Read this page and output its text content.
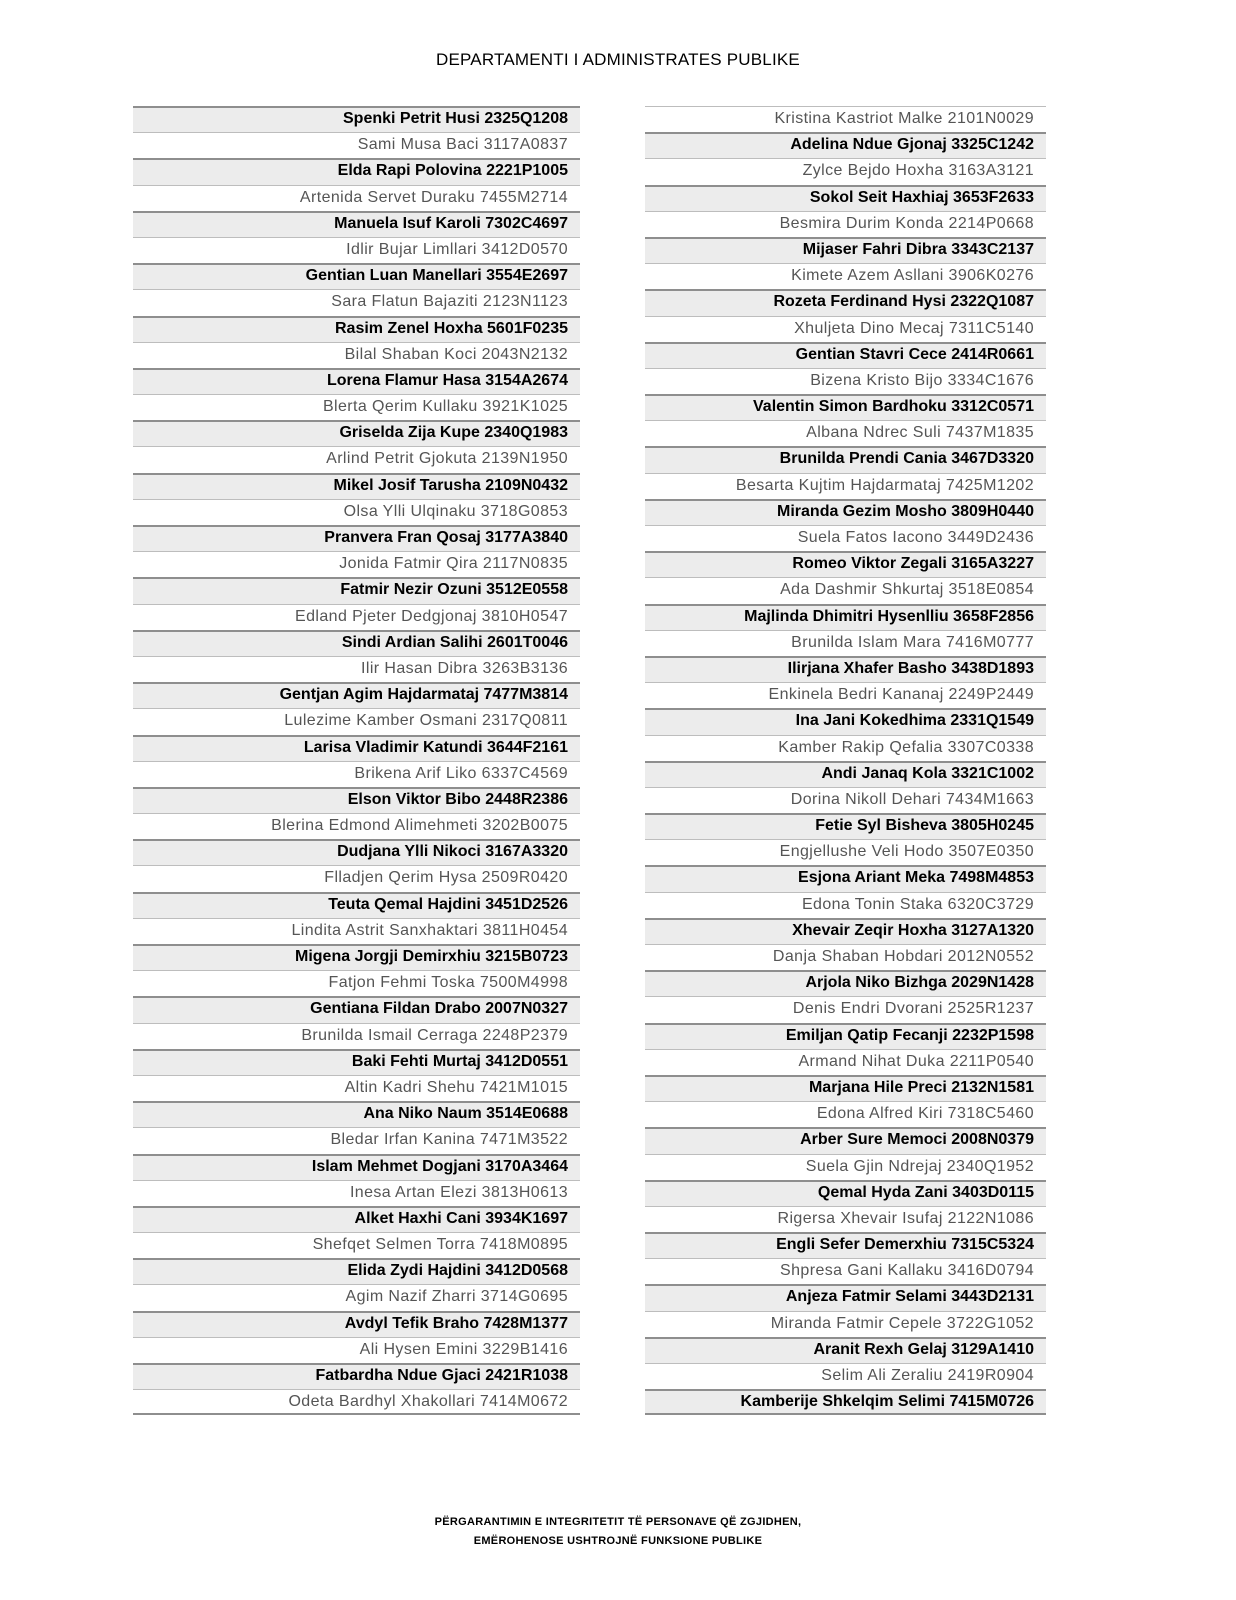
DEPARTAMENTI I ADMINISTRATES PUBLIKE
Spenki Petrit Husi 2325Q1208
Sami Musa Baci 3117A0837
Elda Rapi Polovina 2221P1005
Artenida Servet Duraku 7455M2714
Manuela Isuf Karoli 7302C4697
Idlir Bujar Limllari 3412D0570
Gentian Luan Manellari 3554E2697
Sara Flatun Bajaziti 2123N1123
Rasim Zenel Hoxha 5601F0235
Bilal Shaban Koci 2043N2132
Lorena Flamur Hasa 3154A2674
Blerta Qerim Kullaku 3921K1025
Griselda Zija Kupe 2340Q1983
Arlind Petrit Gjokuta 2139N1950
Mikel Josif Tarusha 2109N0432
Olsa Ylli Ulqinaku 3718G0853
Pranvera Fran Qosaj 3177A3840
Jonida Fatmir Qira 2117N0835
Fatmir Nezir Ozuni 3512E0558
Edland Pjeter Dedgjonaj 3810H0547
Sindi Ardian Salihi 2601T0046
Ilir Hasan Dibra 3263B3136
Gentjan Agim Hajdarmataj 7477M3814
Lulezime Kamber Osmani 2317Q0811
Larisa Vladimir Katundi 3644F2161
Brikena Arif Liko 6337C4569
Elson Viktor Bibo 2448R2386
Blerina Edmond Alimehmeti 3202B0075
Dudjana Ylli Nikoci 3167A3320
Flladjen Qerim Hysa 2509R0420
Teuta Qemal Hajdini 3451D2526
Lindita Astrit Sanxhaktari 3811H0454
Migena Jorgji Demirxhiu 3215B0723
Fatjon Fehmi Toska 7500M4998
Gentiana Fildan Drabo 2007N0327
Brunilda Ismail Cerraga 2248P2379
Baki Fehti Murtaj 3412D0551
Altin Kadri Shehu 7421M1015
Ana Niko Naum 3514E0688
Bledar Irfan Kanina 7471M3522
Islam Mehmet Dogjani 3170A3464
Inesa Artan Elezi 3813H0613
Alket Haxhi Cani 3934K1697
Shefqet Selmen Torra 7418M0895
Elida Zydi Hajdini 3412D0568
Agim Nazif Zharri 3714G0695
Avdyl Tefik Braho 7428M1377
Ali Hysen Emini 3229B1416
Fatbardha Ndue Gjaci 2421R1038
Odeta Bardhyl Xhakollari 7414M0672
Kristina Kastriot Malke 2101N0029
Adelina Ndue Gjonaj 3325C1242
Zylce Bejdo Hoxha 3163A3121
Sokol Seit Haxhiaj 3653F2633
Besmira Durim Konda 2214P0668
Mijaser Fahri Dibra 3343C2137
Kimete Azem Asllani 3906K0276
Rozeta Ferdinand Hysi 2322Q1087
Xhuljeta Dino Mecaj 7311C5140
Gentian Stavri Cece 2414R0661
Bizena Kristo Bijo 3334C1676
Valentin Simon Bardhoku 3312C0571
Albana Ndrec Suli 7437M1835
Brunilda Prendi Cania 3467D3320
Besarta Kujtim Hajdarmataj 7425M1202
Miranda Gezim Mosho 3809H0440
Suela Fatos Iacono 3449D2436
Romeo Viktor Zegali 3165A3227
Ada Dashmir Shkurtaj 3518E0854
Majlinda Dhimitri Hysenlliu 3658F2856
Brunilda Islam Mara 7416M0777
Ilirjana Xhafer Basho 3438D1893
Enkinela Bedri Kananaj 2249P2449
Ina Jani Kokedhima 2331Q1549
Kamber Rakip Qefalia 3307C0338
Andi Janaq Kola 3321C1002
Dorina Nikoll Dehari 7434M1663
Fetie Syl Bisheva 3805H0245
Engjellushe Veli Hodo 3507E0350
Esjona Ariant Meka 7498M4853
Edona Tonin Staka 6320C3729
Xhevair Zeqir Hoxha 3127A1320
Danja Shaban Hobdari 2012N0552
Arjola Niko Bizhga 2029N1428
Denis Endri Dvorani 2525R1237
Emiljan Qatip Fecanji 2232P1598
Armand Nihat Duka 2211P0540
Marjana Hile Preci 2132N1581
Edona Alfred Kiri 7318C5460
Arber Sure Memoci 2008N0379
Suela Gjin Ndrejaj 2340Q1952
Qemal Hyda Zani 3403D0115
Rigersa Xhevair Isufaj 2122N1086
Engli Sefer Demerxhiu 7315C5324
Shpresa Gani Kallaku 3416D0794
Anjeza Fatmir Selami 3443D2131
Miranda Fatmir Cepele 3722G1052
Aranit Rexh Gelaj 3129A1410
Selim Ali Zeraliu 2419R0904
Kamberije Shkelqim Selimi 7415M0726
PËRGARANTIMIN E INTEGRITETIT TË PERSONAVE QË ZGJIDHEN,
EMËROHENOSE USHTROJNË FUNKSIONE PUBLIKE
